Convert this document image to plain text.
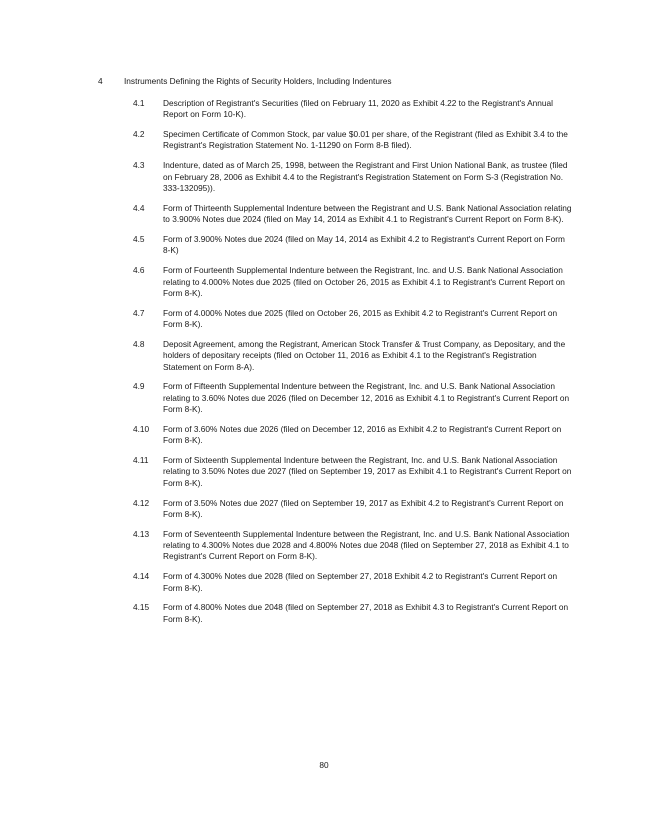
4	Instruments Defining the Rights of Security Holders, Including Indentures
4.1	Description of Registrant's Securities (filed on February 11, 2020 as Exhibit 4.22 to the Registrant's Annual Report on Form 10-K).
4.2	Specimen Certificate of Common Stock, par value $0.01 per share, of the Registrant (filed as Exhibit 3.4 to the Registrant's Registration Statement No. 1-11290 on Form 8-B filed).
4.3	Indenture, dated as of March 25, 1998, between the Registrant and First Union National Bank, as trustee (filed on February 28, 2006 as Exhibit 4.4 to the Registrant's Registration Statement on Form S-3 (Registration No. 333-132095)).
4.4	Form of Thirteenth Supplemental Indenture between the Registrant and U.S. Bank National Association relating to 3.900% Notes due 2024 (filed on May 14, 2014 as Exhibit 4.1 to Registrant's Current Report on Form 8-K).
4.5	Form of 3.900% Notes due 2024 (filed on May 14, 2014 as Exhibit 4.2 to Registrant's Current Report on Form 8-K)
4.6	Form of Fourteenth Supplemental Indenture between the Registrant, Inc. and U.S. Bank National Association relating to 4.000% Notes due 2025 (filed on October 26, 2015 as Exhibit 4.1 to Registrant's Current Report on Form 8-K).
4.7	Form of 4.000% Notes due 2025 (filed on October 26, 2015 as Exhibit 4.2 to Registrant's Current Report on Form 8-K).
4.8	Deposit Agreement, among the Registrant, American Stock Transfer & Trust Company, as Depositary, and the holders of depositary receipts (filed on October 11, 2016 as Exhibit 4.1 to the Registrant's Registration Statement on Form 8-A).
4.9	Form of Fifteenth Supplemental Indenture between the Registrant, Inc. and U.S. Bank National Association relating to 3.60% Notes due 2026 (filed on December 12, 2016 as Exhibit 4.1 to Registrant's Current Report on Form 8-K).
4.10	Form of 3.60% Notes due 2026 (filed on December 12, 2016 as Exhibit 4.2 to Registrant's Current Report on Form 8-K).
4.11	Form of Sixteenth Supplemental Indenture between the Registrant, Inc. and U.S. Bank National Association relating to 3.50% Notes due 2027 (filed on September 19, 2017 as Exhibit 4.1 to Registrant's Current Report on Form 8-K).
4.12	Form of 3.50% Notes due 2027 (filed on September 19, 2017 as Exhibit 4.2 to Registrant's Current Report on Form 8-K).
4.13	Form of Seventeenth Supplemental Indenture between the Registrant, Inc. and U.S. Bank National Association relating to 4.300% Notes due 2028 and 4.800% Notes due 2048 (filed on September 27, 2018 as Exhibit 4.1 to Registrant's Current Report on Form 8-K).
4.14	Form of 4.300% Notes due 2028 (filed on September 27, 2018 Exhibit 4.2 to Registrant's Current Report on Form 8-K).
4.15	Form of 4.800% Notes due 2048 (filed on September 27, 2018 as Exhibit 4.3 to Registrant's Current Report on Form 8-K).
80
